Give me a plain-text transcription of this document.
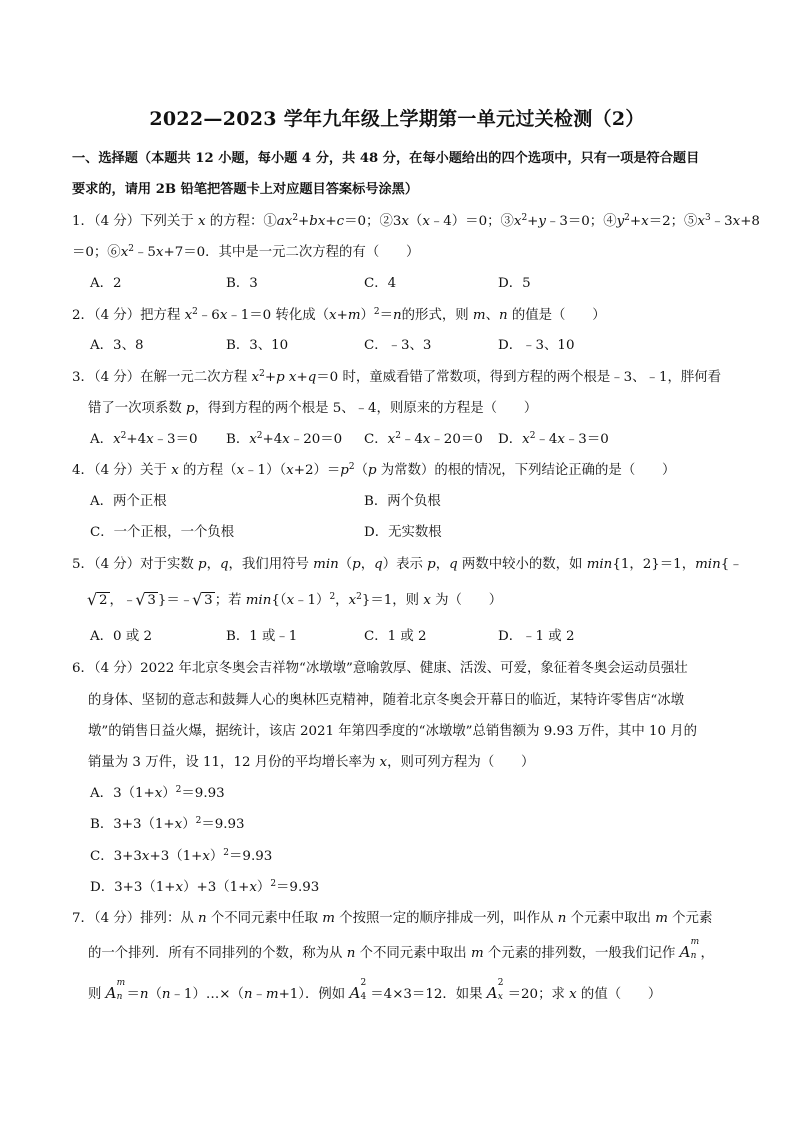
2022—2023 学年九年级上学期第一单元过关检测（2）
一、选择题（本题共 12 小题，每小题 4 分，共 48 分，在每小题给出的四个选项中，只有一项是符合题目
要求的，请用 2B 铅笔把答题卡上对应题目答案标号涂黑）
1．（4 分）下列关于 x 的方程：$①ax^2+bx+c=0$；②3x（x﹣4）＝0；$③x^2+y﹣3=0$；$④y^2+x=2$；$⑤x^3﹣3x+8$
＝0；$⑥x^2﹣5x+7=0$．其中是一元二次方程的有（　　）
A．2	B．3	C．4	D．5
2．（4 分）把方程 $x^2﹣6x﹣1=0$ 转化成$(x+m)^2=n$的形式，则 m、n 的值是（　　）
A．3、8	B．3、10	C．﹣3、3	D．﹣3、10
3．（4 分）在解一元二次方程 $x^2+p$ x+q＝0 时，童威看错了常数项，得到方程的两个根是﹣3、﹣1，胖何看
错了一次项系数 p，得到方程的两个根是 5、﹣4，则原来的方程是（　　）
A．$x^2+4x﹣3=0$ B．$x^2+4x﹣20=0$ C．$x^2﹣4x﹣20=0$ D．$x^2﹣4x﹣3=0$
4．（4 分）关于 x 的方程$(x﹣1)(x+2)=p^2(p$ 为常数）的根的情况，下列结论正确的是（　　）
A．两个正根	B．两个负根
C．一个正根，一个负根	D．无实数根
5．（4 分）对于实数 p，q，我们用符号 min（p，q）表示 p，q 两数中较小的数，如 min{1，2}＝1，min{﹣
√ 2 ，﹣ √ 3 }＝﹣ √ 3 ；若 min{（x﹣1）$^2$，$x^2\}=1$，则 x 为（　　）
A．0 或 2	B．1 或﹣1	C．1 或 2	D．﹣1 或 2
6．（4 分）2022 年北京冬奥会吉祥物“冰墩墩”意喻敦厚、健康、活泼、可爱，象征着冬奥会运动员强壮
的身体、坚韧的意志和鼓舞人心的奥林匹克精神，随着北京冬奥会开幕日的临近，某特许零售店“冰墩
墩”的销售日益火爆，据统计，该店 2021 年第四季度的“冰墩墩”总销售额为 9.93 万件，其中 10 月的
销量为 3 万件，设 11，12 月份的平均增长率为 x，则可列方程为（　　）
A．$3(1+x)^2=9.93$
B．$3+3(1+x)^2=9.93$
C．$3+3x+3(1+x)^2=9.93$
D．$3+3(1+x)+3(1+x)^2=9.93$
7．（4 分）排列：从 n 个不同元素中任取 m 个按照一定的顺序排成一列，叫作从 n 个元素中取出 m 个元素
的一个排列．所有不同排列的个数，称为从 n 个不同元素中取出 m 个元素的排列数，一般我们记作 A
m
n ，
则 A
m
n ＝n（n﹣1）…×（n﹣m+1）．例如 A
2
4 ＝4×3＝12．如果 A
2
x ＝20；求 x 的值（　　）
